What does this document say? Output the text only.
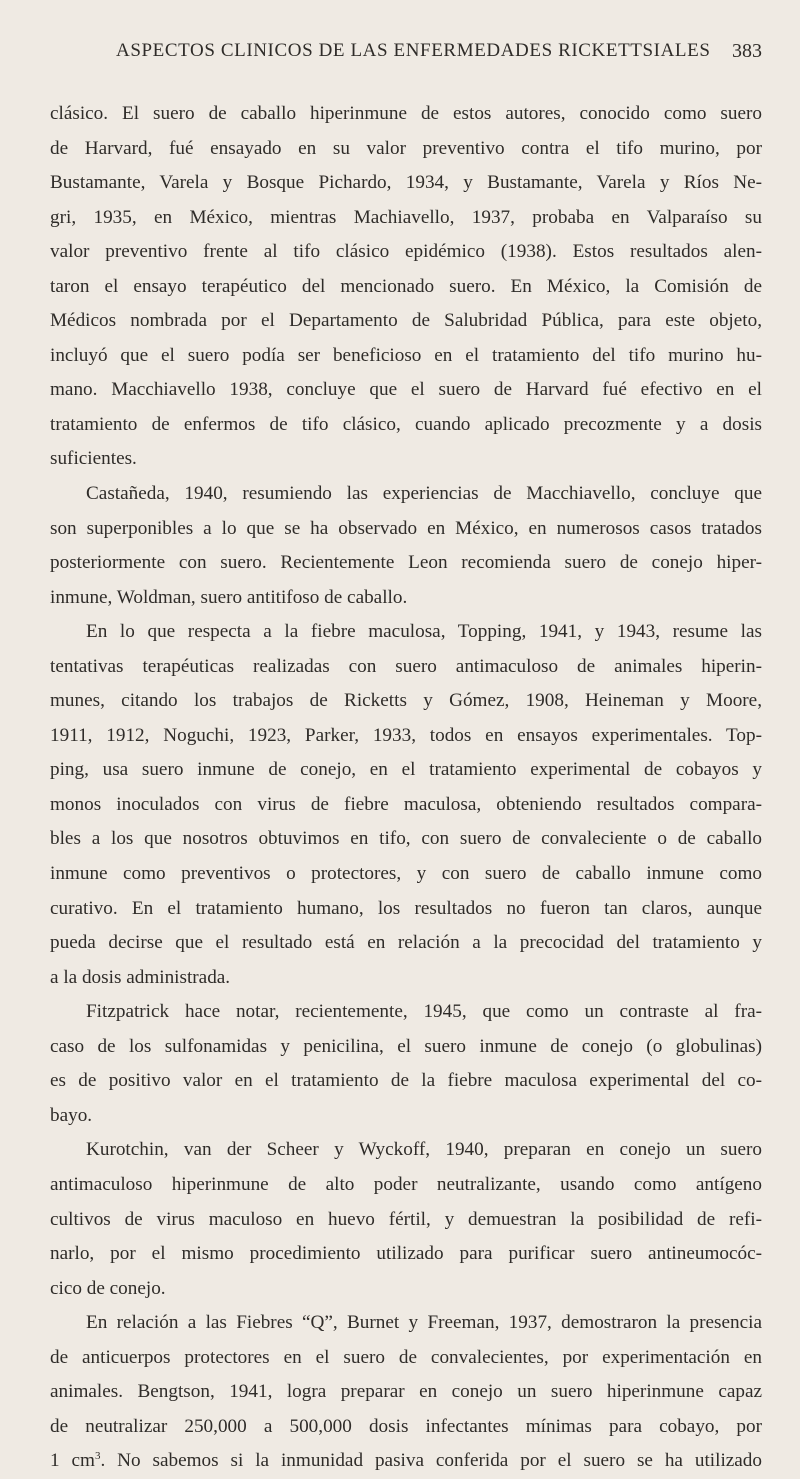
ASPECTOS CLINICOS DE LAS ENFERMEDADES RICKETTSIALES 383
clásico. El suero de caballo hiperinmune de estos autores, conocido como suero
de Harvard, fué ensayado en su valor preventivo contra el tifo murino, por
Bustamante, Varela y Bosque Pichardo, 1934, y Bustamante, Varela y Ríos Ne-
gri, 1935, en México, mientras Machiavello, 1937, probaba en Valparaíso su
valor preventivo frente al tifo clásico epidémico (1938). Estos resultados alen-
taron el ensayo terapéutico del mencionado suero. En México, la Comisión de
Médicos nombrada por el Departamento de Salubridad Pública, para este objeto,
incluyó que el suero podía ser beneficioso en el tratamiento del tifo murino hu-
mano. Macchiavello 1938, concluye que el suero de Harvard fué efectivo en el
tratamiento de enfermos de tifo clásico, cuando aplicado precozmente y a dosis
suficientes.
Castañeda, 1940, resumiendo las experiencias de Macchiavello, concluye que
son superponibles a lo que se ha observado en México, en numerosos casos tratados
posteriormente con suero. Recientemente Leon recomienda suero de conejo hiper-
inmune, Woldman, suero antitifoso de caballo.
En lo que respecta a la fiebre maculosa, Topping, 1941, y 1943, resume las
tentativas terapéuticas realizadas con suero antimaculoso de animales hiperin-
munes, citando los trabajos de Ricketts y Gómez, 1908, Heineman y Moore,
1911, 1912, Noguchi, 1923, Parker, 1933, todos en ensayos experimentales. Top-
ping, usa suero inmune de conejo, en el tratamiento experimental de cobayos y
monos inoculados con virus de fiebre maculosa, obteniendo resultados compara-
bles a los que nosotros obtuvimos en tifo, con suero de convaleciente o de caballo
inmune como preventivos o protectores, y con suero de caballo inmune como
curativo. En el tratamiento humano, los resultados no fueron tan claros, aunque
pueda decirse que el resultado está en relación a la precocidad del tratamiento y
a la dosis administrada.
Fitzpatrick hace notar, recientemente, 1945, que como un contraste al fra-
caso de los sulfonamidas y penicilina, el suero inmune de conejo (o globulinas)
es de positivo valor en el tratamiento de la fiebre maculosa experimental del co-
bayo.
Kurotchin, van der Scheer y Wyckoff, 1940, preparan en conejo un suero
antimaculoso hiperinmune de alto poder neutralizante, usando como antígeno
cultivos de virus maculoso en huevo fértil, y demuestran la posibilidad de refi-
narlo, por el mismo procedimiento utilizado para purificar suero antineumocóc-
cico de conejo.
En relación a las Fiebres “Q”, Burnet y Freeman, 1937, demostraron la presencia
de anticuerpos protectores en el suero de convalecientes, por experimentación en
animales. Bengtson, 1941, logra preparar en conejo un suero hiperinmune capaz
de neutralizar 250,000 a 500,000 dosis infectantes mínimas para cobayo, por
1 $cm^3$. No sabemos si la inmunidad pasiva conferida por el suero se ha utilizado
